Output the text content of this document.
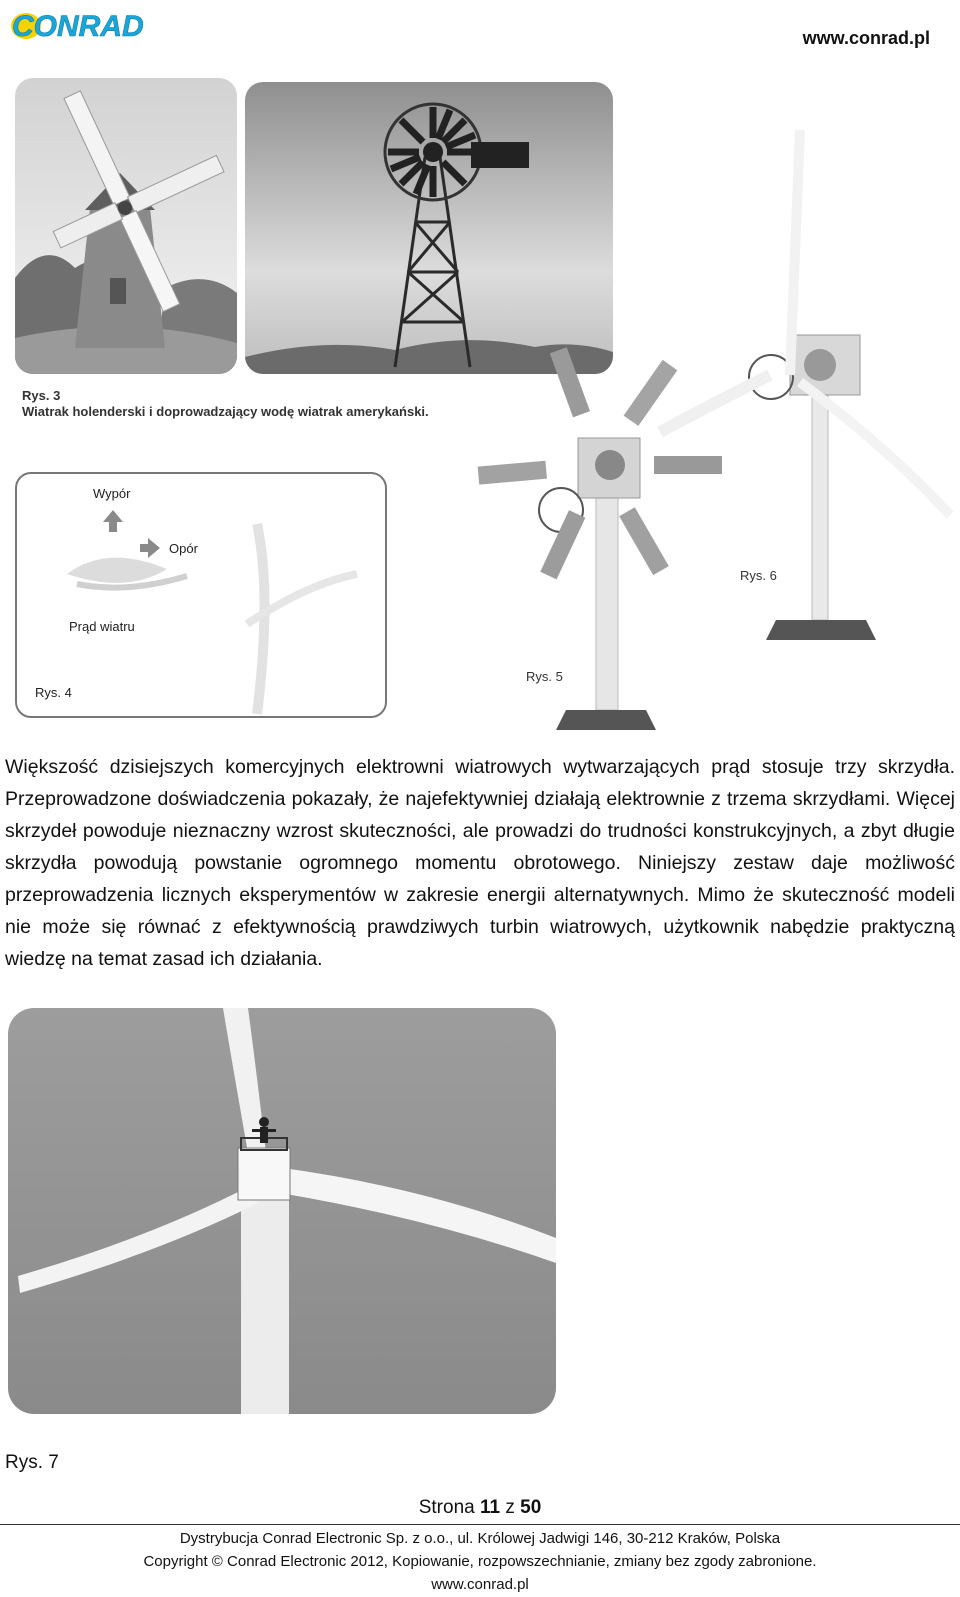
CONRAD	www.conrad.pl
Rys. 3
Wiatrak holenderski i doprowadzający wodę wiatrak amerykański.
Wypór
Opór
Prąd wiatru
Rys. 4
Rys. 6
Rys. 5

Większość dzisiejszych komercyjnych elektrowni wiatrowych wytwarzających prąd stosuje trzy skrzydła. Przeprowadzone doświadczenia pokazały, że najefektywniej działają elektrownie z trzema skrzydłami. Więcej skrzydeł powoduje nieznaczny wzrost skuteczności, ale prowadzi do trudności konstrukcyjnych, a zbyt długie skrzydła powodują powstanie ogromnego momentu obrotowego. Niniejszy zestaw daje możliwość przeprowadzenia licznych eksperymentów w zakresie energii alternatywnych. Mimo że skuteczność modeli nie może się równać z efektywnością prawdziwych turbin wiatrowych, użytkownik nabędzie praktyczną wiedzę na temat zasad ich działania.

Rys. 7
Strona 11 z 50
Dystrybucja Conrad Electronic Sp. z o.o., ul. Królowej Jadwigi 146, 30-212 Kraków, Polska
Copyright © Conrad Electronic 2012, Kopiowanie, rozpowszechnianie, zmiany bez zgody zabronione.
www.conrad.pl
